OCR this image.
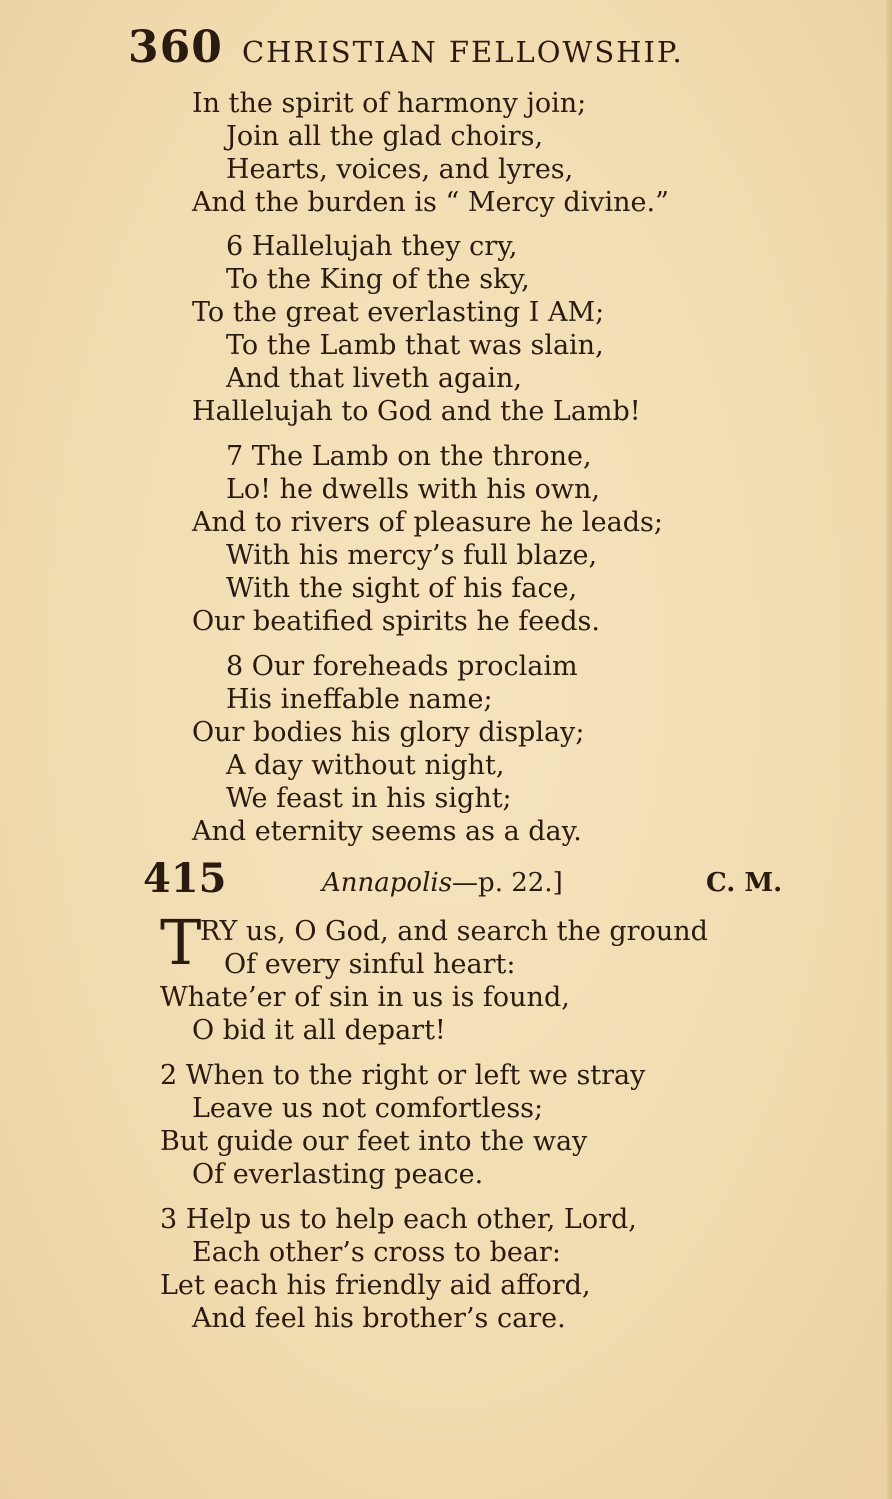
360 CHRISTIAN FELLOWSHIP.
In the spirit of harmony join;
Join all the glad choirs,
Hearts, voices, and lyres,
And the burden is “ Mercy divine.”
6 Hallelujah they cry,
To the King of the sky,
To the great everlasting I AM;
To the Lamb that was slain,
And that liveth again,
Hallelujah to God and the Lamb!
7 The Lamb on the throne,
Lo! he dwells with his own,
And to rivers of pleasure he leads;
With his mercy’s full blaze,
With the sight of his face,
Our beatified spirits he feeds.
8 Our foreheads proclaim
His ineffable name;
Our bodies his glory display;
A day without night,
We feast in his sight;
And eternity seems as a day.
415	Annapolis—p. 22.]	C. M.
T
RY us, O God, and search the ground
Of every sinful heart:
Whate’er of sin in us is found,
O bid it all depart!
2 When to the right or left we stray
Leave us not comfortless;
But guide our feet into the way
Of everlasting peace.
3 Help us to help each other, Lord,
Each other’s cross to bear:
Let each his friendly aid afford,
And feel his brother’s care.
